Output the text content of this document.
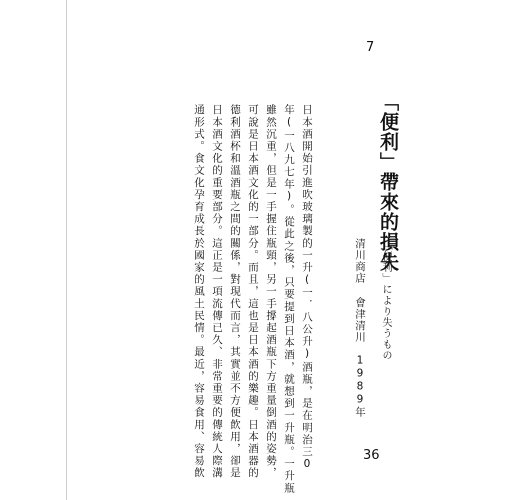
7
「便利」帶來的損失
「便利」により失うもの
清川商店 會津清川　1989年
日本酒開始引進吹玻璃製的一升(一．八公升)酒瓶，是在明治三0
年(一八九七年)。從此之後，只要提到日本酒，就想到一升瓶。一升瓶
雖然沉重，但是一手握住瓶頸，另一手撐起酒瓶下方重量倒酒的姿勢，
可說是日本酒文化的一部分。而且，這也是日本酒的樂趣。日本酒器的
德利酒杯和溫酒瓶之間的關係，對現代而言，其實並不方便飲用，卻是
日本酒文化的重要部分。這正是一項流傳已久、非常重要的傳統人際溝
通形式。食文化孕育成長於國家的風土民情。最近，容易食用、容易飲	36
